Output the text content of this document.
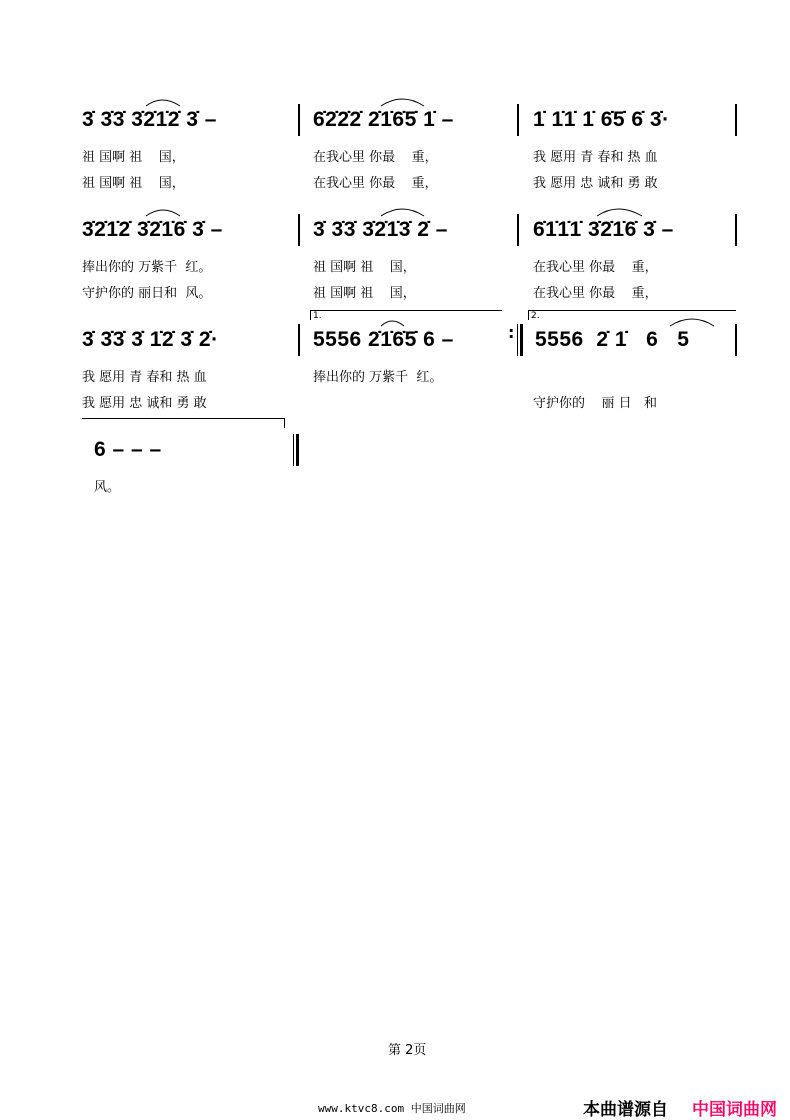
3̇ 3̇3̇ 3̇2̇1̇2̇ 3̇ –
祖 国啊 祖    国，
祖 国啊 祖    国，
6̇2̇2̇2̇ 2̇1̇6̇5̇ 1̇ –
在我心里 你最    重，
在我心里 你最    重，
1̇ 1̇1̇ 1̇ 6̇5̇ 6̇ 3̇·
我 愿用 青 春和 热 血
我 愿用 忠 诚和 勇 敢
3̇2̇1̇2̇ 3̇2̇1̇6̇ 3̇ –
捧出你的 万紫千  红。
守护你的 丽日和  风。
3̇ 3̇3̇ 3̇2̇1̇3̇ 2̇ –
祖 国啊 祖    国，
祖 国啊 祖    国，
6̇1̇1̇1̇ 3̇2̇1̇6̇ 3̇ –
在我心里 你最    重，
在我心里 你最    重，
3̇ 3̇3̇ 3̇ 1̇2̇ 3̇ 2̇·
我 愿用 青 春和 热 血
我 愿用 忠 诚和 勇 敢
1.
5556 2̇1̇6̇5̇ 6 –
捧出你的 万紫千  红。
:
2.
5556  2̇ 1̇   6   5
守护你的    丽 日   和
6 – – –
风。
第 2页
www.ktvc8.com 中国词曲网	本曲谱源自 中国词曲网
